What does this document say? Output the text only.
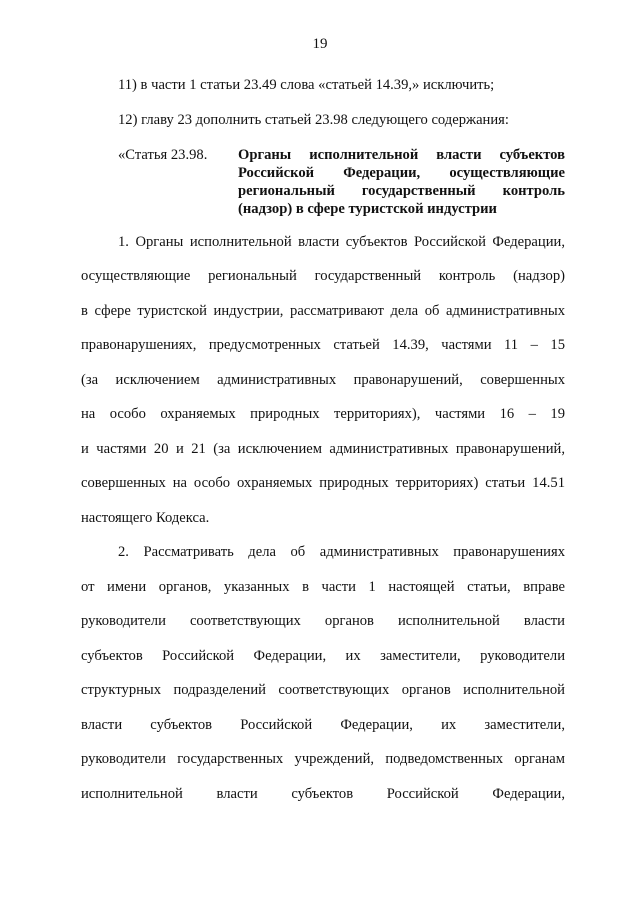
19
11) в части 1 статьи 23.49 слова «статьей 14.39,» исключить;
12) главу 23 дополнить статьей 23.98 следующего содержания:
«Статья 23.98. Органы исполнительной власти субъектов
Российской Федерации, осуществляющие
региональный государственный контроль
(надзор) в сфере туристской индустрии
1. Органы исполнительной власти субъектов Российской Федерации,
осуществляющие региональный государственный контроль (надзор)
в сфере туристской индустрии, рассматривают дела об административных
правонарушениях, предусмотренных статьей 14.39, частями 11 – 15
(за исключением административных правонарушений, совершенных
на особо охраняемых природных территориях), частями 16 – 19
и частями 20 и 21 (за исключением административных правонарушений,
совершенных на особо охраняемых природных территориях) статьи 14.51
настоящего Кодекса.
2. Рассматривать дела об административных правонарушениях
от имени органов, указанных в части 1 настоящей статьи, вправе
руководители соответствующих органов исполнительной власти
субъектов Российской Федерации, их заместители, руководители
структурных подразделений соответствующих органов исполнительной
власти субъектов Российской Федерации, их заместители,
руководители государственных учреждений, подведомственных органам
исполнительной власти субъектов Российской Федерации,
